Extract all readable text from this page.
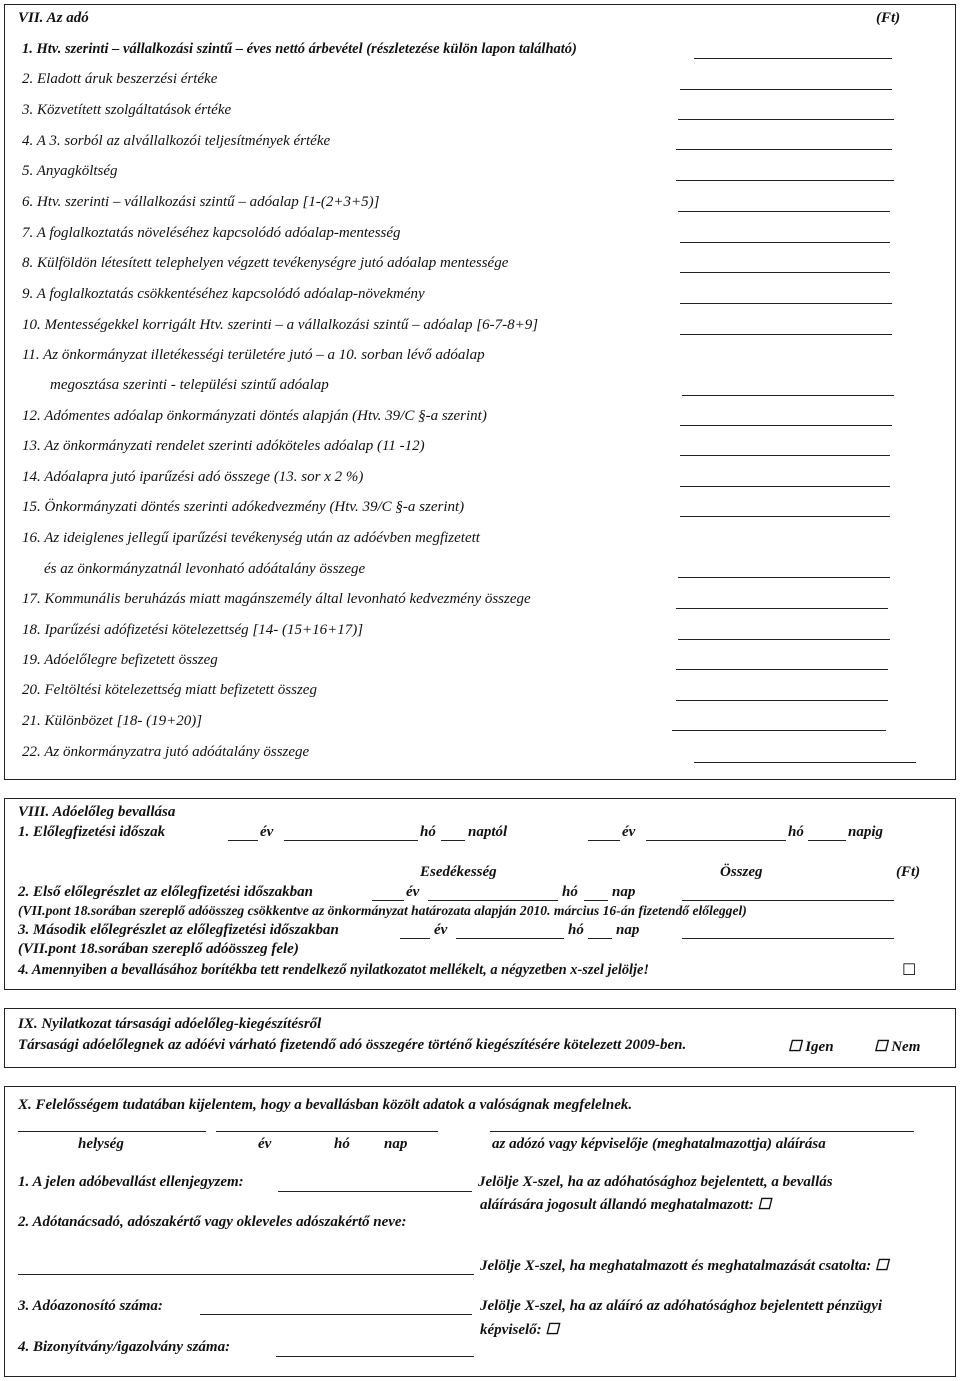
VII. Az adó	(Ft)
1. Htv. szerinti – vállalkozási szintű – éves nettó árbevétel (részletezése külön lapon található)
2. Eladott áruk beszerzési értéke
3. Közvetített szolgáltatások értéke
4. A 3. sorból az alvállalkozói teljesítmények értéke
5. Anyagköltség
6. Htv. szerinti – vállalkozási szintű – adóalap [1-(2+3+5)]
7. A foglalkoztatás növeléséhez kapcsolódó adóalap-mentesség
8. Külföldön létesített telephelyen végzett tevékenységre jutó adóalap mentessége
9. A foglalkoztatás csökkentéséhez kapcsolódó adóalap-növekmény
10. Mentességekkel korrigált Htv. szerinti – a vállalkozási szintű – adóalap [6-7-8+9]
11. Az önkormányzat illetékességi területére jutó – a 10. sorban lévő adóalap
megosztása szerinti - települési szintű adóalap
12. Adómentes adóalap önkormányzati döntés alapján (Htv. 39/C §-a szerint)
13. Az önkormányzati rendelet szerinti adóköteles adóalap (11 -12)
14. Adóalapra jutó iparűzési adó összege (13. sor x 2 %)
15. Önkormányzati döntés szerinti adókedvezmény (Htv. 39/C §-a szerint)
16. Az ideiglenes jellegű iparűzési tevékenység után az adóévben megfizetett
és az önkormányzatnál levonható adóátalány összege
17. Kommunális beruházás miatt magánszemély által levonható kedvezmény összege
18. Iparűzési adófizetési kötelezettség [14- (15+16+17)]
19. Adóelőlegre befizetett összeg
20. Feltöltési kötelezettség miatt befizetett összeg
21. Különbözet [18- (19+20)]
22. Az önkormányzatra jutó adóátalány összege
VIII. Adóelőleg bevallása
1. Előlegfizetési időszak	év	hó naptól	év	hó	napig
Esedékesség	Összeg	(Ft)
2. Első előlegrészlet az előlegfizetési időszakban	év	hó nap
(VII.pont 18.sorában szereplő adóösszeg csökkentve az önkormányzat határozata alapján 2010. március 16-án fizetendő előleggel)
3. Második előlegrészlet az előlegfizetési időszakban	év	hó nap
(VII.pont 18.sorában szereplő adóösszeg fele)
4. Amennyiben a bevallásához borítékba tett rendelkező nyilatkozatot mellékelt, a négyzetben x-szel jelölje!	☐
IX. Nyilatkozat társasági adóelőleg-kiegészítésről
Társasági adóelőlegnek az adóévi várható fizetendő adó összegére történő kiegészítésére kötelezett 2009-ben.	☐ Igen	☐ Nem
X. Felelősségem tudatában kijelentem, hogy a bevallásban közölt adatok a valóságnak megfelelnek.
helység	év	hó nap	az adózó vagy képviselője (meghatalmazottja) aláírása
1. A jelen adóbevallást ellenjegyzem:	Jelölje X-szel, ha az adóhatósághoz bejelentett, a bevallás
aláírására jogosult állandó meghatalmazott: ☐
2. Adótanácsadó, adószakértő vagy okleveles adószakértő neve:
Jelölje X-szel, ha meghatalmazott és meghatalmazását csatolta: ☐
3. Adóazonosító száma:	Jelölje X-szel, ha az aláíró az adóhatósághoz bejelentett pénzügyi
képviselő: ☐
4. Bizonyítvány/igazolvány száma:
